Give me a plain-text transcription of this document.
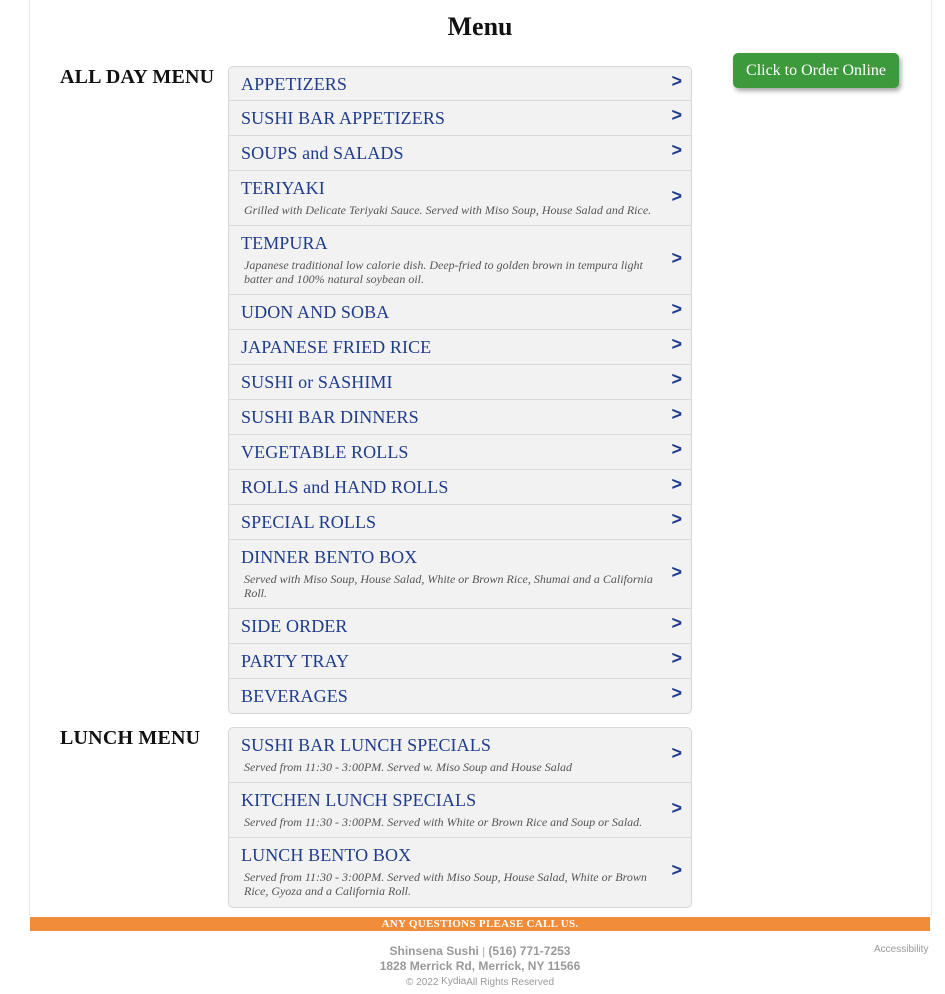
Menu
ALL DAY MENU APPETIZERS	>
SUSHI BAR APPETIZERS	>
SOUPS and SALADS	>
TERIYAKI
Grilled with Delicate Teriyaki Sauce. Served with Miso Soup, House Salad and Rice.
>
TEMPURA
Japanese traditional low calorie dish. Deep-fried to golden brown in tempura light batter and 100% natural soybean oil.
>
UDON AND SOBA	>
JAPANESE FRIED RICE	>
SUSHI or SASHIMI	>
SUSHI BAR DINNERS	>
VEGETABLE ROLLS	>
ROLLS and HAND ROLLS	>
SPECIAL ROLLS	>
DINNER BENTO BOX
Served with Miso Soup, House Salad, White or Brown Rice, Shumai and a California Roll.
>
SIDE ORDER	>
PARTY TRAY	>
BEVERAGES	>
LUNCH MENU SUSHI BAR LUNCH SPECIALS
Served from 11:30 - 3:00PM. Served w. Miso Soup and House Salad
>
KITCHEN LUNCH SPECIALS
Served from 11:30 - 3:00PM. Served with White or Brown Rice and Soup or Salad.
>
LUNCH BENTO BOX
Served from 11:30 - 3:00PM. Served with Miso Soup, House Salad, White or Brown Rice, Gyoza and a California Roll.
>
Click to Order Online
ANY QUESTIONS PLEASE CALL US.
Shinsena Sushi | (516) 771-7253
1828 Merrick Rd, Merrick, NY 11566
© 2022 KydiaAll Rights Reserved
Accessibility
